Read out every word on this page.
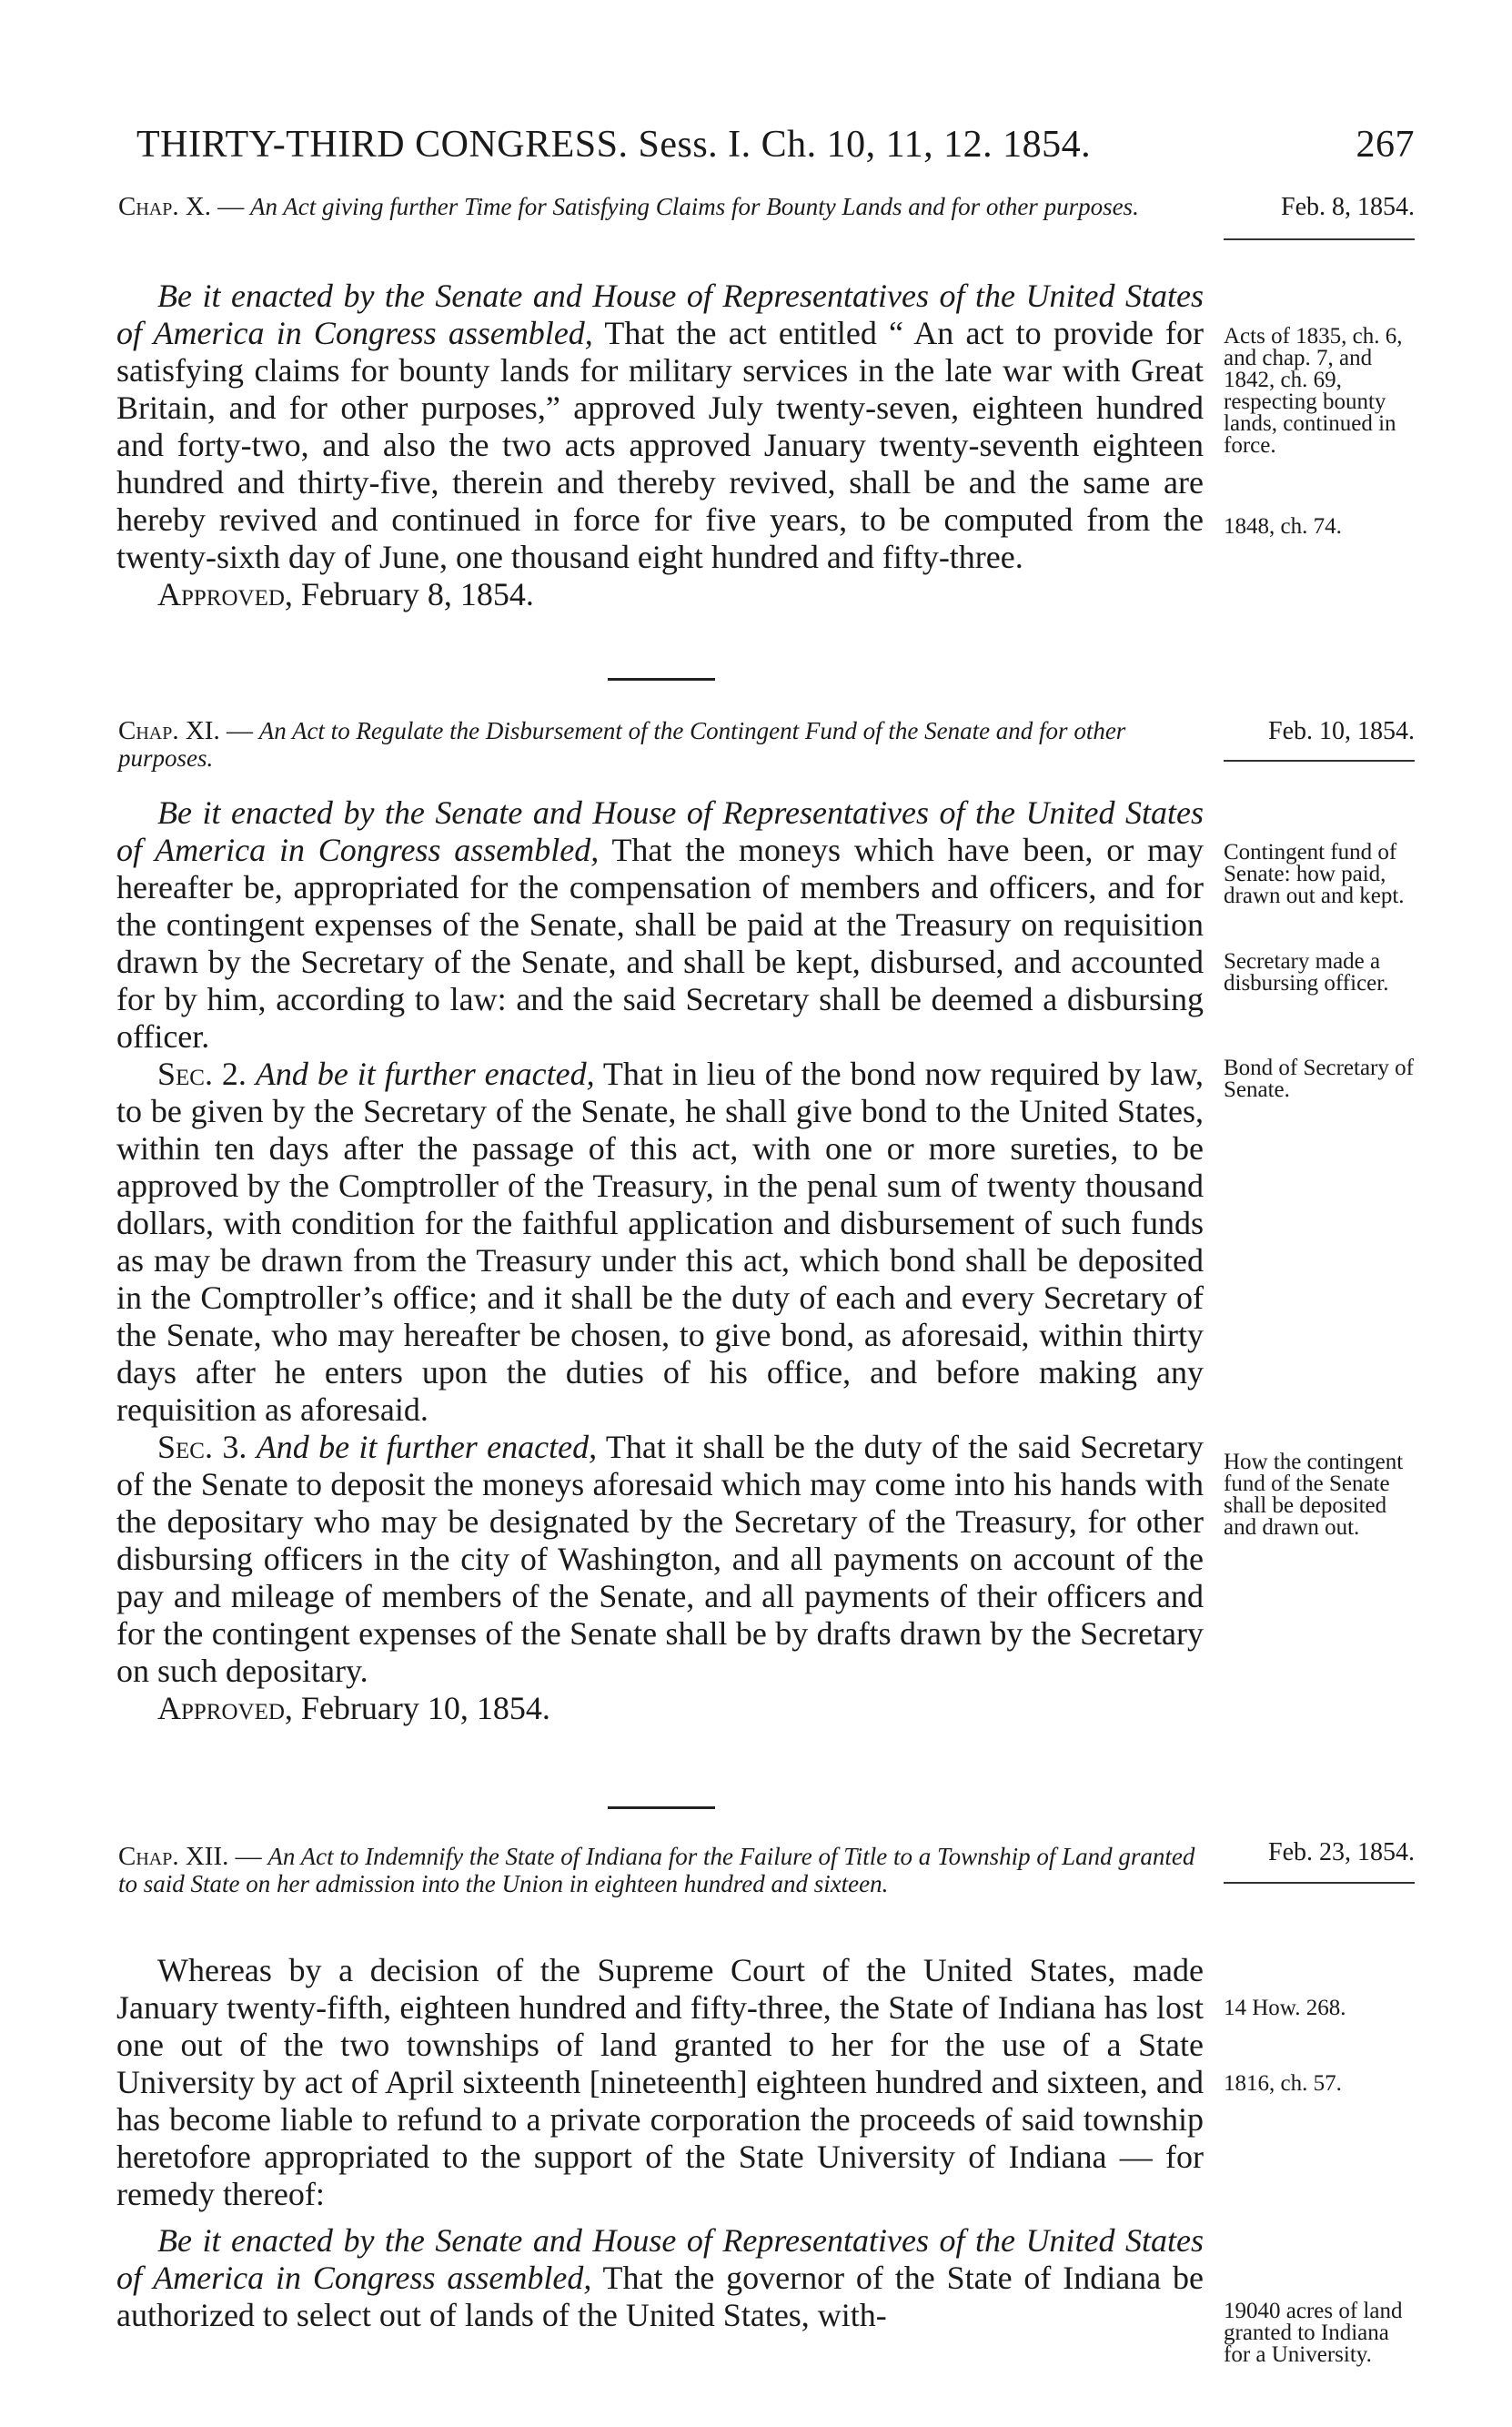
THIRTY-THIRD CONGRESS. Sess. I. Ch. 10, 11, 12. 1854.	267
Chap. X. — An Act giving further Time for Satisfying Claims for Bounty Lands and for other purposes.	Feb. 8, 1854.

Be it enacted by the Senate and House of Representatives of the United States of America in Congress assembled, That the act entitled “ An act to provide for satisfying claims for bounty lands for military services in the late war with Great Britain, and for other purposes,” approved July twenty-seven, eighteen hundred and forty-two, and also the two acts approved January twenty-seventh eighteen hundred and thirty-five, therein and thereby revived, shall be and the same are hereby revived and continued in force for five years, to be computed from the twenty-sixth day of June, one thousand eight hundred and fifty-three.

Approved, February 8, 1854.

Acts of 1835, ch. 6, and chap. 7, and 1842, ch. 69, respecting bounty lands, continued in force.
1848, ch. 74.
Chap. XI. — An Act to Regulate the Disbursement of the Contingent Fund of the Senate and for other purposes.
Feb. 10, 1854.

Be it enacted by the Senate and House of Representatives of the United States of America in Congress assembled, That the moneys which have been, or may hereafter be, appropriated for the compensation of members and officers, and for the contingent expenses of the Senate, shall be paid at the Treasury on requisition drawn by the Secretary of the Senate, and shall be kept, disbursed, and accounted for by him, according to law: and the said Secretary shall be deemed a disbursing officer.

Sec. 2. And be it further enacted, That in lieu of the bond now required by law, to be given by the Secretary of the Senate, he shall give bond to the United States, within ten days after the passage of this act, with one or more sureties, to be approved by the Comptroller of the Treasury, in the penal sum of twenty thousand dollars, with condition for the faithful application and disbursement of such funds as may be drawn from the Treasury under this act, which bond shall be deposited in the Comptroller’s office; and it shall be the duty of each and every Secretary of the Senate, who may hereafter be chosen, to give bond, as aforesaid, within thirty days after he enters upon the duties of his office, and before making any requisition as aforesaid.

Sec. 3. And be it further enacted, That it shall be the duty of the said Secretary of the Senate to deposit the moneys aforesaid which may come into his hands with the depositary who may be designated by the Secretary of the Treasury, for other disbursing officers in the city of Washington, and all payments on account of the pay and mileage of members of the Senate, and all payments of their officers and for the contingent expenses of the Senate shall be by drafts drawn by the Secretary on such depositary.

Approved, February 10, 1854.

Contingent fund of Senate: how paid, drawn out and kept.
Secretary made a disbursing officer.
Bond of Secretary of Senate.
How the contingent fund of the Senate shall be deposited and drawn out.
Chap. XII. — An Act to Indemnify the State of Indiana for the Failure of Title to a Township of Land granted to said State on her admission into the Union in eighteen hundred and sixteen.
Feb. 23, 1854.

Whereas by a decision of the Supreme Court of the United States, made January twenty-fifth, eighteen hundred and fifty-three, the State of Indiana has lost one out of the two townships of land granted to her for the use of a State University by act of April sixteenth [nineteenth] eighteen hundred and sixteen, and has become liable to refund to a private corporation the proceeds of said township heretofore appropriated to the support of the State University of Indiana — for remedy thereof:

Be it enacted by the Senate and House of Representatives of the United States of America in Congress assembled, That the governor of the State of Indiana be authorized to select out of lands of the United States, with-

14 How. 268.
1816, ch. 57.
19040 acres of land granted to Indiana for a University.
